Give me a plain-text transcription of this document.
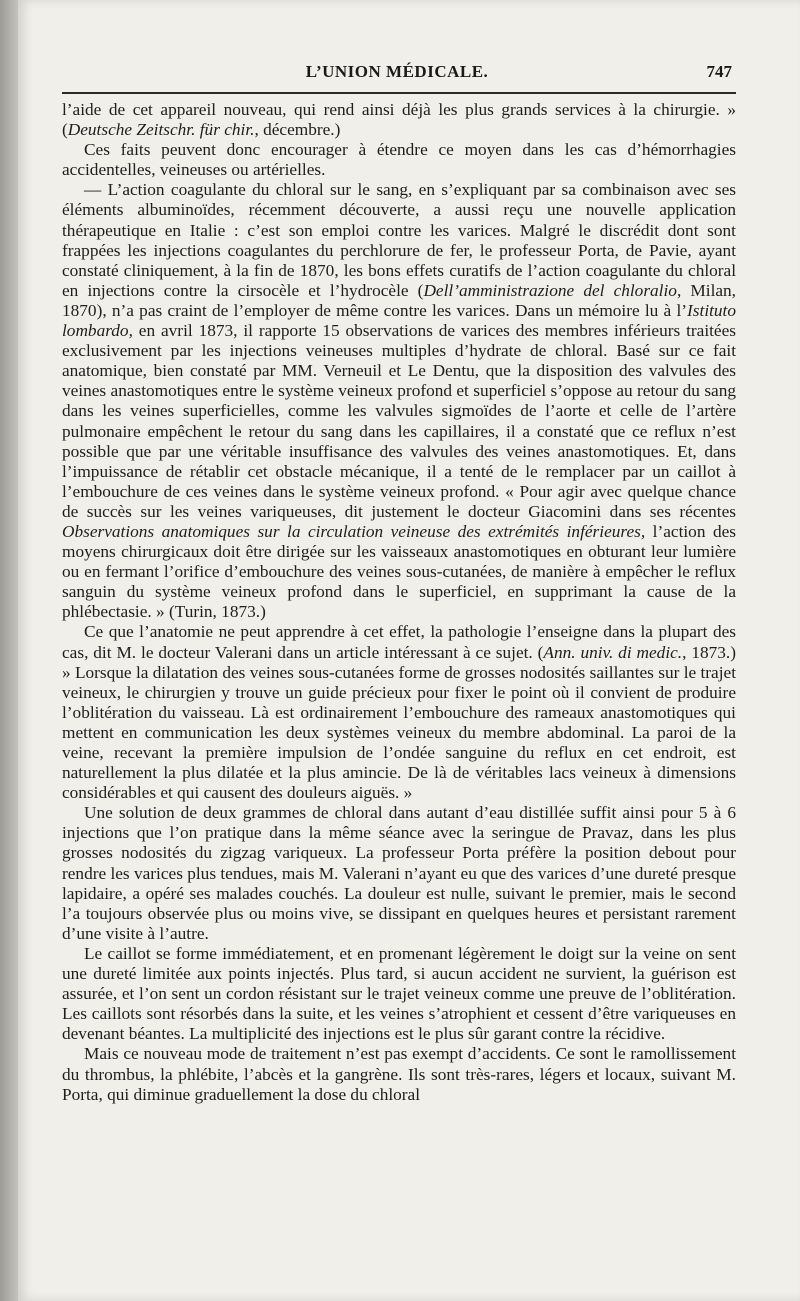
L’UNION MÉDICALE.	747

l’aide de cet appareil nouveau, qui rend ainsi déjà les plus grands services à la chirurgie. » (Deutsche Zeitschr. für chir., décembre.)

Ces faits peuvent donc encourager à étendre ce moyen dans les cas d’hémorrhagies accidentelles, veineuses ou artérielles.

— L’action coagulante du chloral sur le sang, en s’expliquant par sa combinaison avec ses éléments albuminoïdes, récemment découverte, a aussi reçu une nouvelle application thérapeutique en Italie : c’est son emploi contre les varices. Malgré le discrédit dont sont frappées les injections coagulantes du perchlorure de fer, le professeur Porta, de Pavie, ayant constaté cliniquement, à la fin de 1870, les bons effets curatifs de l’action coagulante du chloral en injections contre la cirsocèle et l’hydrocèle (Dell’amministrazione del chloralio, Milan, 1870), n’a pas craint de l’employer de même contre les varices. Dans un mémoire lu à l’Istituto lombardo, en avril 1873, il rapporte 15 observations de varices des membres inférieurs traitées exclusivement par les injections veineuses multiples d’hydrate de chloral. Basé sur ce fait anatomique, bien constaté par MM. Verneuil et Le Dentu, que la disposition des valvules des veines anastomotiques entre le système veineux profond et superficiel s’oppose au retour du sang dans les veines superficielles, comme les valvules sigmoïdes de l’aorte et celle de l’artère pulmonaire empêchent le retour du sang dans les capillaires, il a constaté que ce reflux n’est possible que par une véritable insuffisance des valvules des veines anastomotiques. Et, dans l’impuissance de rétablir cet obstacle mécanique, il a tenté de le remplacer par un caillot à l’embouchure de ces veines dans le système veineux profond. « Pour agir avec quelque chance de succès sur les veines variqueuses, dit justement le docteur Giacomini dans ses récentes Observations anatomiques sur la circulation veineuse des extrémités inférieures, l’action des moyens chirurgicaux doit être dirigée sur les vaisseaux anastomotiques en obturant leur lumière ou en fermant l’orifice d’embouchure des veines sous-cutanées, de manière à empêcher le reflux sanguin du système veineux profond dans le superficiel, en supprimant la cause de la phlébectasie. » (Turin, 1873.)

Ce que l’anatomie ne peut apprendre à cet effet, la pathologie l’enseigne dans la plupart des cas, dit M. le docteur Valerani dans un article intéressant à ce sujet. (Ann. univ. di medic., 1873.) » Lorsque la dilatation des veines sous-cutanées forme de grosses nodosités saillantes sur le trajet veineux, le chirurgien y trouve un guide précieux pour fixer le point où il convient de produire l’oblitération du vaisseau. Là est ordinairement l’embouchure des rameaux anastomotiques qui mettent en communication les deux systèmes veineux du membre abdominal. La paroi de la veine, recevant la première impulsion de l’ondée sanguine du reflux en cet endroit, est naturellement la plus dilatée et la plus amincie. De là de véritables lacs veineux à dimensions considérables et qui causent des douleurs aiguës. »

Une solution de deux grammes de chloral dans autant d’eau distillée suffit ainsi pour 5 à 6 injections que l’on pratique dans la même séance avec la seringue de Pravaz, dans les plus grosses nodosités du zigzag variqueux. La professeur Porta préfère la position debout pour rendre les varices plus tendues, mais M. Valerani n’ayant eu que des varices d’une dureté presque lapidaire, a opéré ses malades couchés. La douleur est nulle, suivant le premier, mais le second l’a toujours observée plus ou moins vive, se dissipant en quelques heures et persistant rarement d’une visite à l’autre.

Le caillot se forme immédiatement, et en promenant légèrement le doigt sur la veine on sent une dureté limitée aux points injectés. Plus tard, si aucun accident ne survient, la guérison est assurée, et l’on sent un cordon résistant sur le trajet veineux comme une preuve de l’oblitération. Les caillots sont résorbés dans la suite, et les veines s’atrophient et cessent d’être variqueuses en devenant béantes. La multiplicité des injections est le plus sûr garant contre la récidive.

Mais ce nouveau mode de traitement n’est pas exempt d’accidents. Ce sont le ramollissement du thrombus, la phlébite, l’abcès et la gangrène. Ils sont très-rares, légers et locaux, suivant M. Porta, qui diminue graduellement la dose du chloral
